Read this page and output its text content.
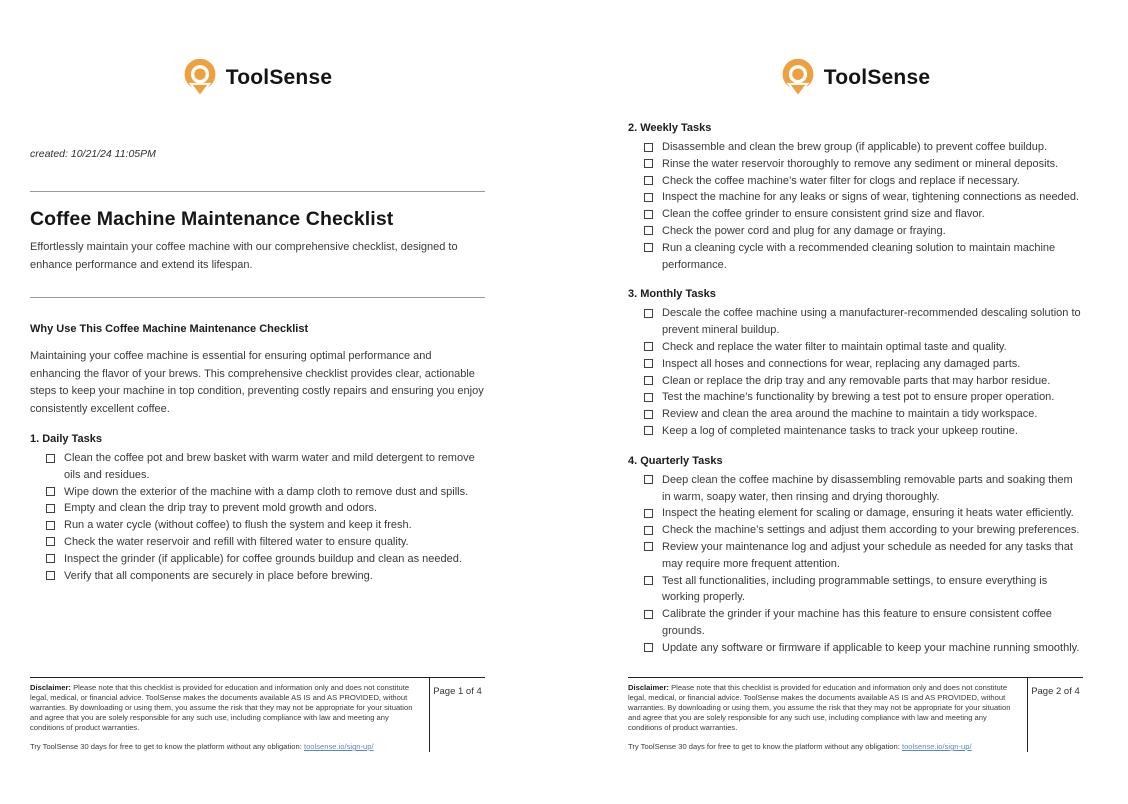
ToolSense
created: 10/21/24 11:05PM
Coffee Machine Maintenance Checklist

Effortlessly maintain your coffee machine with our comprehensive checklist, designed to enhance performance and extend its lifespan.

Why Use This Coffee Machine Maintenance Checklist

Maintaining your coffee machine is essential for ensuring optimal performance and enhancing the flavor of your brews. This comprehensive checklist provides clear, actionable steps to keep your machine in top condition, preventing costly repairs and ensuring you enjoy consistently excellent coffee.

1. Daily Tasks
Clean the coffee pot and brew basket with warm water and mild detergent to remove oils and residues.
Wipe down the exterior of the machine with a damp cloth to remove dust and spills.
Empty and clean the drip tray to prevent mold growth and odors.
Run a water cycle (without coffee) to flush the system and keep it fresh.
Check the water reservoir and refill with filtered water to ensure quality.
Inspect the grinder (if applicable) for coffee grounds buildup and clean as needed.
Verify that all components are securely in place before brewing.

Disclaimer: Please note that this checklist is provided for education and information only and does not constitute legal, medical, or financial advice. ToolSense makes the documents available AS IS and AS PROVIDED, without warranties. By downloading or using them, you assume the risk that they may not be appropriate for your situation and agree that you are solely responsible for any such use, including compliance with law and meeting any conditions of product warranties.

Try ToolSense 30 days for free to get to know the platform without any obligation: toolsense.io/sign-up/

Page 1 of 4
ToolSense
2. Weekly Tasks
Disassemble and clean the brew group (if applicable) to prevent coffee buildup.
Rinse the water reservoir thoroughly to remove any sediment or mineral deposits.
Check the coffee machine’s water filter for clogs and replace if necessary.
Inspect the machine for any leaks or signs of wear, tightening connections as needed.
Clean the coffee grinder to ensure consistent grind size and flavor.
Check the power cord and plug for any damage or fraying.
Run a cleaning cycle with a recommended cleaning solution to maintain machine performance.
3. Monthly Tasks
Descale the coffee machine using a manufacturer-recommended descaling solution to prevent mineral buildup.
Check and replace the water filter to maintain optimal taste and quality.
Inspect all hoses and connections for wear, replacing any damaged parts.
Clean or replace the drip tray and any removable parts that may harbor residue.
Test the machine’s functionality by brewing a test pot to ensure proper operation.
Review and clean the area around the machine to maintain a tidy workspace.
Keep a log of completed maintenance tasks to track your upkeep routine.
4. Quarterly Tasks
Deep clean the coffee machine by disassembling removable parts and soaking them in warm, soapy water, then rinsing and drying thoroughly.
Inspect the heating element for scaling or damage, ensuring it heats water efficiently.
Check the machine’s settings and adjust them according to your brewing preferences.
Review your maintenance log and adjust your schedule as needed for any tasks that may require more frequent attention.
Test all functionalities, including programmable settings, to ensure everything is working properly.
Calibrate the grinder if your machine has this feature to ensure consistent coffee grounds.
Update any software or firmware if applicable to keep your machine running smoothly.

Disclaimer: Please note that this checklist is provided for education and information only and does not constitute legal, medical, or financial advice. ToolSense makes the documents available AS IS and AS PROVIDED, without warranties. By downloading or using them, you assume the risk that they may not be appropriate for your situation and agree that you are solely responsible for any such use, including compliance with law and meeting any conditions of product warranties.

Try ToolSense 30 days for free to get to know the platform without any obligation: toolsense.io/sign-up/

Page 2 of 4
